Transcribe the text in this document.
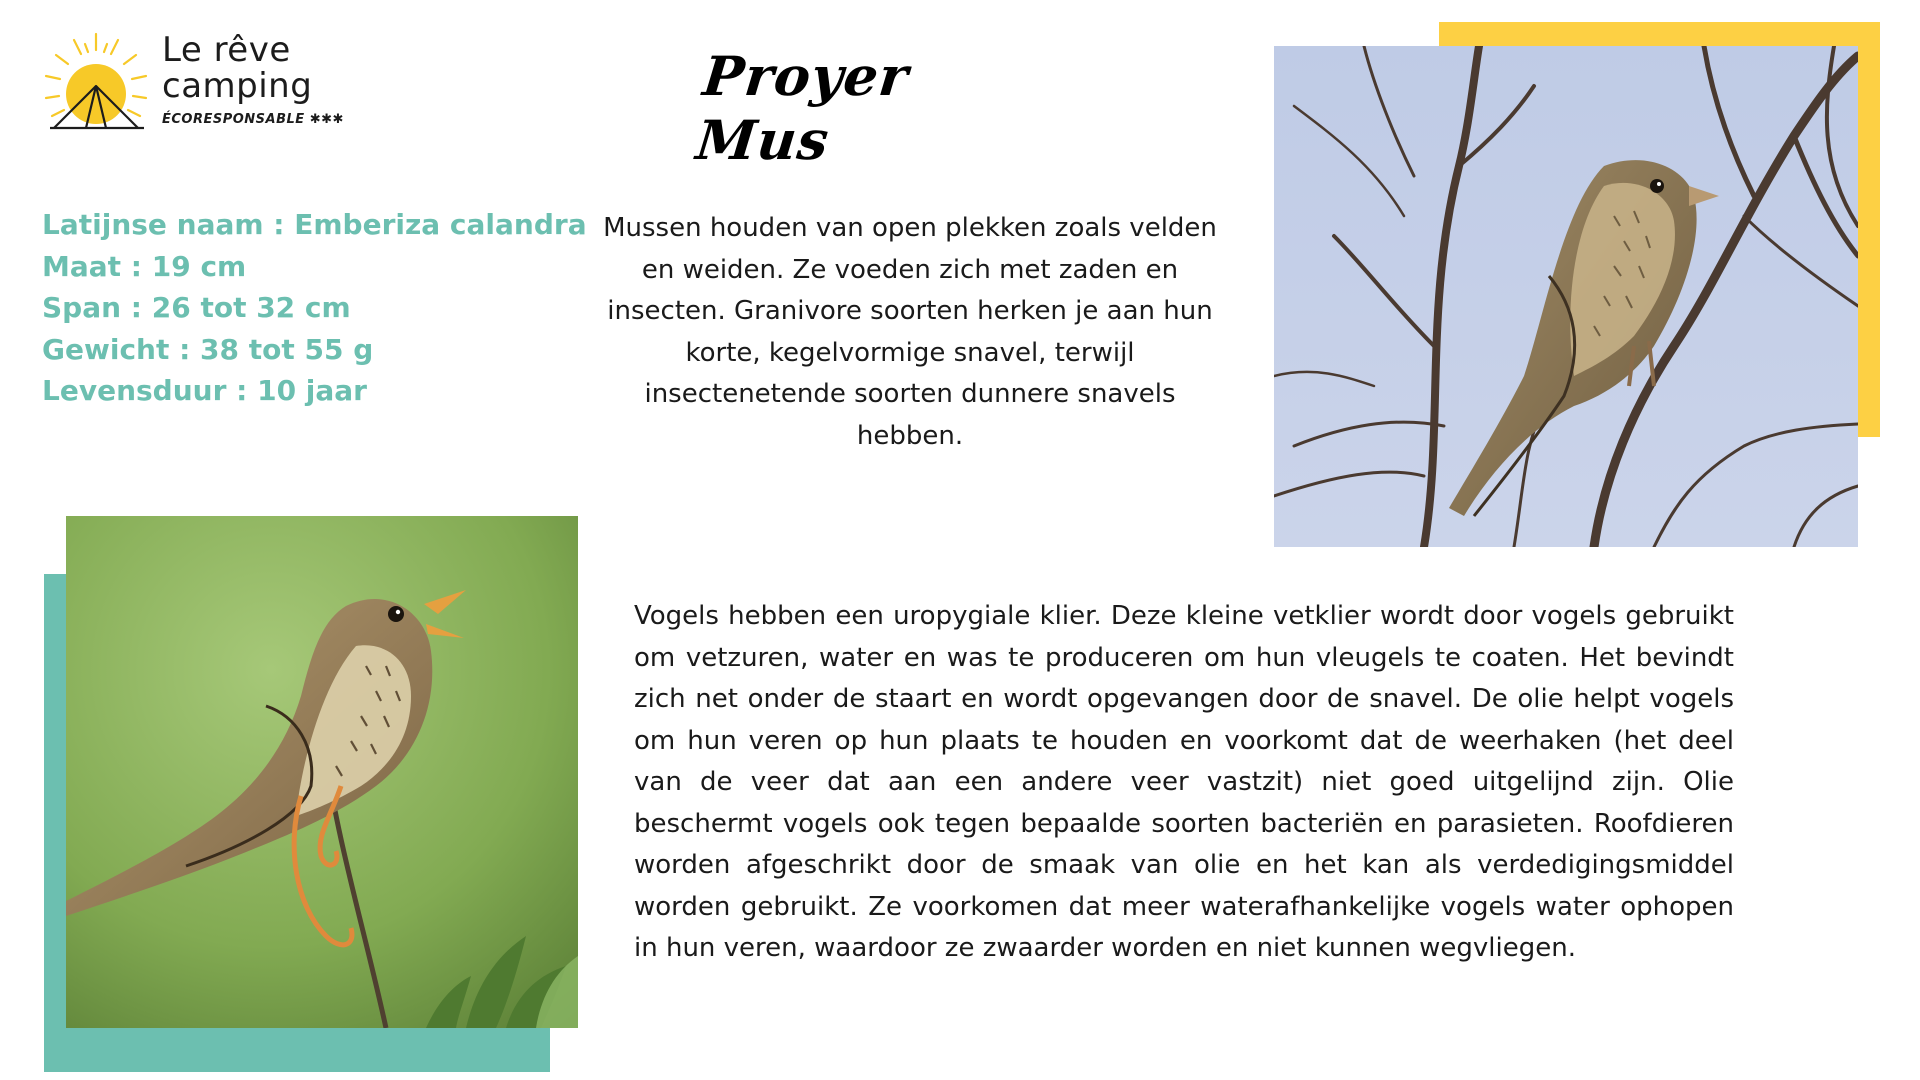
Le rêve
camping
ÉCORESPONSABLE ✱✱✱
Proyer Mus
Latijnse naam : Emberiza calandra
Maat : 19 cm
Span : 26 tot 32 cm
Gewicht : 38 tot 55 g
Levensduur : 10 jaar

Mussen houden van open plekken zoals velden en weiden. Ze voeden zich met zaden en insecten. Granivore soorten herken je aan hun korte, kegelvormige snavel, terwijl insectenetende soorten dunnere snavels hebben.

Vogels hebben een uropygiale klier. Deze kleine vetklier wordt door vogels gebruikt om vetzuren, water en was te produceren om hun vleugels te coaten. Het bevindt zich net onder de staart en wordt opgevangen door de snavel. De olie helpt vogels om hun veren op hun plaats te houden en voorkomt dat de weerhaken (het deel van de veer dat aan een andere veer vastzit) niet goed uitgelijnd zijn. Olie beschermt vogels ook tegen bepaalde soorten bacteriën en parasieten. Roofdieren worden afgeschrikt door de smaak van olie en het kan als verdedigingsmiddel worden gebruikt. Ze voorkomen dat meer waterafhankelijke vogels water ophopen in hun veren, waardoor ze zwaarder worden en niet kunnen wegvliegen.
